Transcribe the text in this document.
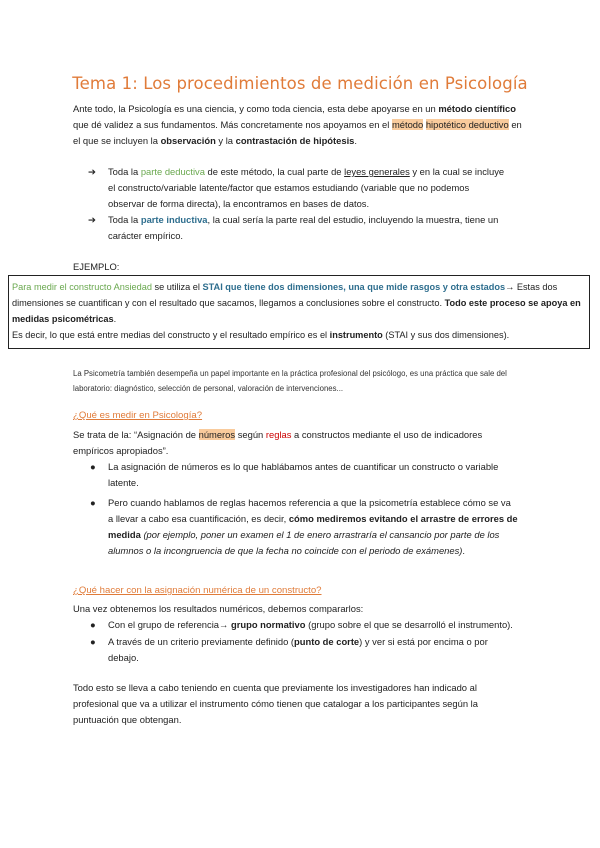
Tema 1: Los procedimientos de medición en Psicología
Ante todo, la Psicología es una ciencia, y como toda ciencia, esta debe apoyarse en un método científico que dé validez a sus fundamentos. Más concretamente nos apoyamos en el método hipotético deductivo en el que se incluyen la observación y la contrastación de hipótesis.
➔ Toda la parte deductiva de este método, la cual parte de leyes generales y en la cual se incluye el constructo/variable latente/factor que estamos estudiando (variable que no podemos observar de forma directa), la encontramos en bases de datos.
➔ Toda la parte inductiva, la cual sería la parte real del estudio, incluyendo la muestra, tiene un carácter empírico.
EJEMPLO:
Para medir el constructo Ansiedad se utiliza el STAI que tiene dos dimensiones, una que mide rasgos y otra estados→ Estas dos dimensiones se cuantifican y con el resultado que sacamos, llegamos a conclusiones sobre el constructo. Todo este proceso se apoya en medidas psicométricas.
Es decir, lo que está entre medias del constructo y el resultado empírico es el instrumento (STAI y sus dos dimensiones).
La Psicometría también desempeña un papel importante en la práctica profesional del psicólogo, es una práctica que sale del laboratorio: diagnóstico, selección de personal, valoración de intervenciones...
¿Qué es medir en Psicología?
Se trata de la: “Asignación de números según reglas a constructos mediante el uso de indicadores empíricos apropiados”.
● La asignación de números es lo que hablábamos antes de cuantificar un constructo o variable latente.
● Pero cuando hablamos de reglas hacemos referencia a que la psicometría establece cómo se va a llevar a cabo esa cuantificación, es decir, cómo mediremos evitando el arrastre de errores de medida (por ejemplo, poner un examen el 1 de enero arrastraría el cansancio por parte de los alumnos o la incongruencia de que la fecha no coincide con el periodo de exámenes).
¿Qué hacer con la asignación numérica de un constructo?
Una vez obtenemos los resultados numéricos, debemos compararlos:
● Con el grupo de referencia→ grupo normativo (grupo sobre el que se desarrolló el instrumento).
● A través de un criterio previamente definido (punto de corte) y ver si está por encima o por debajo.
Todo esto se lleva a cabo teniendo en cuenta que previamente los investigadores han indicado al profesional que va a utilizar el instrumento cómo tienen que catalogar a los participantes según la puntuación que obtengan.
